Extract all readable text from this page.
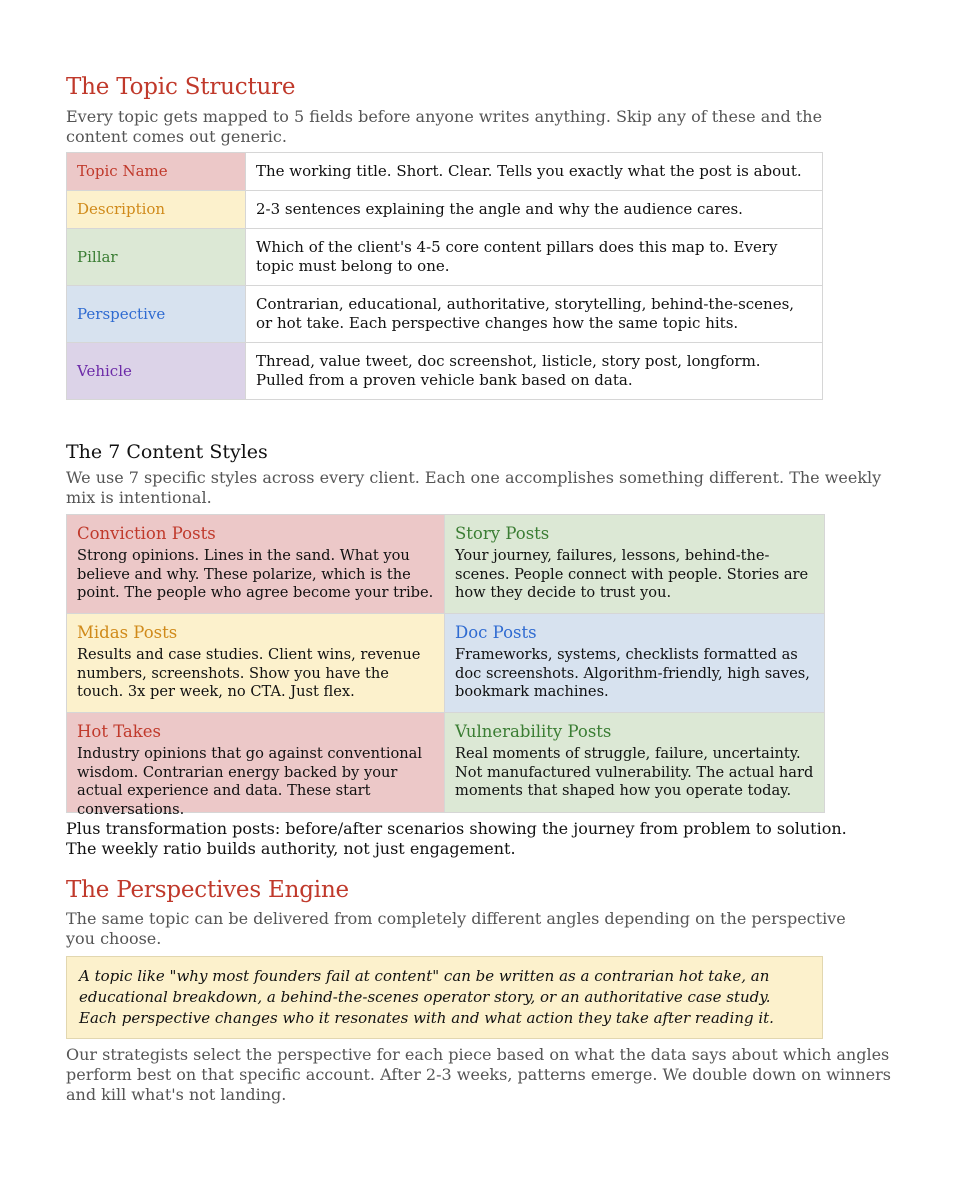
The Topic Structure

Every topic gets mapped to 5 fields before anyone writes anything. Skip any of these and the content comes out generic.

Topic Name	The working title. Short. Clear. Tells you exactly what the post is about.
Description	2-3 sentences explaining the angle and why the audience cares.
Pillar	Which of the client's 4-5 core content pillars does this map to. Every topic must belong to one.
Perspective	Contrarian, educational, authoritative, storytelling, behind-the-scenes, or hot take. Each perspective changes how the same topic hits.
Vehicle	Thread, value tweet, doc screenshot, listicle, story post, longform. Pulled from a proven vehicle bank based on data.
The 7 Content Styles

We use 7 specific styles across every client. Each one accomplishes something different. The weekly mix is intentional.

Conviction Posts

Strong opinions. Lines in the sand. What you believe and why. These polarize, which is the point. The people who agree become your tribe.

Story Posts

Your journey, failures, lessons, behind-the-scenes. People connect with people. Stories are how they decide to trust you.

Midas Posts

Results and case studies. Client wins, revenue numbers, screenshots. Show you have the touch. 3x per week, no CTA. Just flex.

Doc Posts

Frameworks, systems, checklists formatted as doc screenshots. Algorithm-friendly, high saves, bookmark machines.

Hot Takes

Industry opinions that go against conventional wisdom. Contrarian energy backed by your actual experience and data. These start conversations.

Vulnerability Posts

Real moments of struggle, failure, uncertainty. Not manufactured vulnerability. The actual hard moments that shaped how you operate today.

Plus transformation posts: before/after scenarios showing the journey from problem to solution. The weekly ratio builds authority, not just engagement.

The Perspectives Engine

The same topic can be delivered from completely different angles depending on the perspective you choose.

A topic like "why most founders fail at content" can be written as a contrarian hot take, an educational breakdown, a behind-the-scenes operator story, or an authoritative case study. Each perspective changes who it resonates with and what action they take after reading it.

Our strategists select the perspective for each piece based on what the data says about which angles perform best on that specific account. After 2-3 weeks, patterns emerge. We double down on winners and kill what's not landing.
